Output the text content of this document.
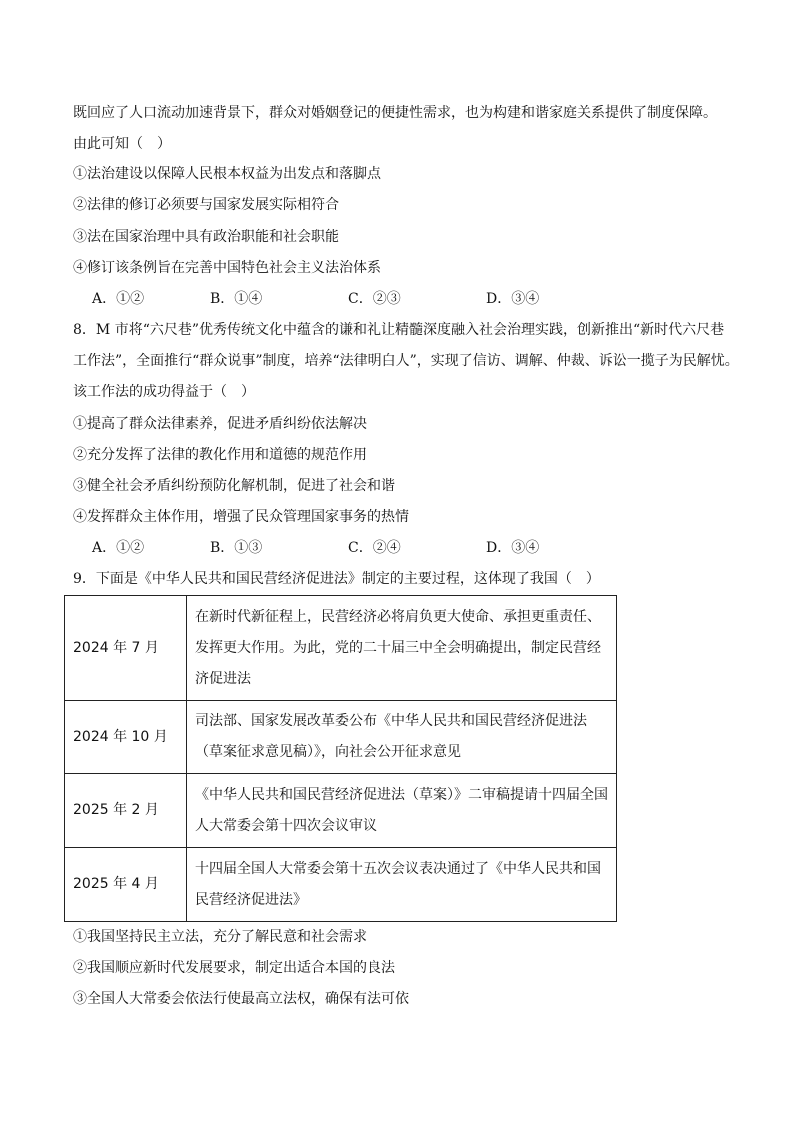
既回应了人口流动加速背景下，群众对婚姻登记的便捷性需求，也为构建和谐家庭关系提供了制度保障。
由此可知（　）
①法治建设以保障人民根本权益为出发点和落脚点
②法律的修订必须要与国家发展实际相符合
③法在国家治理中具有政治职能和社会职能
④修订该条例旨在完善中国特色社会主义法治体系
A．①②	B．①④	C．②③	D．③④
8．M 市将“六尺巷”优秀传统文化中蕴含的谦和礼让精髓深度融入社会治理实践，创新推出“新时代六尺巷
工作法”，全面推行“群众说事”制度，培养“法律明白人”，实现了信访、调解、仲裁、诉讼一揽子为民解忧。
该工作法的成功得益于（　）
①提高了群众法律素养，促进矛盾纠纷依法解决
②充分发挥了法律的教化作用和道德的规范作用
③健全社会矛盾纠纷预防化解机制，促进了社会和谐
④发挥群众主体作用，增强了民众管理国家事务的热情
A．①②	B．①③	C．②④	D．③④
9．下面是《中华人民共和国民营经济促进法》制定的主要过程，这体现了我国（　）
2024 年 7 月	在新时代新征程上，民营经济必将肩负更大使命、承担更重责任、发挥更大作用。为此，党的二十届三中全会明确提出，制定民营经济促进法
2024 年 10 月	司法部、国家发展改革委公布《中华人民共和国民营经济促进法（草案征求意见稿）》，向社会公开征求意见
2025 年 2 月	《中华人民共和国民营经济促进法（草案）》二审稿提请十四届全国人大常委会第十四次会议审议
2025 年 4 月	十四届全国人大常委会第十五次会议表决通过了《中华人民共和国民营经济促进法》
①我国坚持民主立法，充分了解民意和社会需求
②我国顺应新时代发展要求，制定出适合本国的良法
③全国人大常委会依法行使最高立法权，确保有法可依
